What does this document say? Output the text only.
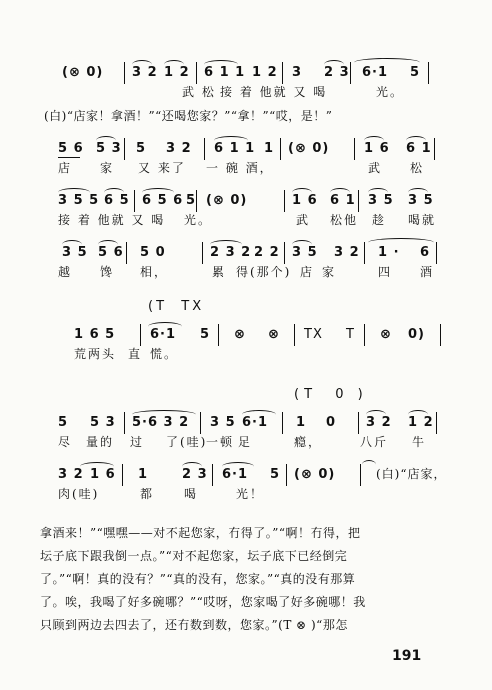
(⊗ 0) 3 2 1 2 6 1 1 1 2 3 2 3 6·1 5
武 松 接 着 他就 又 喝	光。
(白)“店家！拿酒！”“还喝您家？”“拿！”“哎，是！”
5 6 5 3 5 3 2 6 1 1 1 (⊗ 0)	1 6 6 1
店 家 又 来了 一 碗 酒，	武 松
3 5 5 6 5 6 5 6 5 (⊗ 0)	1 6 6 1 3 5 3 5
接 着 他就 又 喝 光。	武 松他 趁 喝就
3 5 5 6 5 0	2 3 2 2 2 3 5 3 2 1 · 6
越 馋 相，	累 得(那个) 店 家	四 酒
(T  TX
1 6 5	6·1 5 ⊗ ⊗ TX T ⊗ 0)
荒 两头 直 慌。
(T  0 )
5 5 3 5·6 3 2 3 5 6·1 1 0 3 2 1 2
尽 量的 过 了(哇)
一顿 足	瘾，	八斤 牛
3 2 1 6 1	2 3 6·1 5 (⊗ 0)	(白)“店家，
肉(哇)	都 喝	光！
拿酒来！”“嘿嘿——对不起您家，冇得了。”“啊！冇得，把
坛子底下跟我倒一点。”“对不起您家，坛子底下已经倒完
了。”“啊！真的没有？”“真的没有，您家。”“真的没有那算
了。唉，我喝了好多碗哪？”“哎呀，您家喝了好多碗哪！我
只顾到两边去四去了，还冇数到数，您家。”(T ⊗ )“那怎
191
